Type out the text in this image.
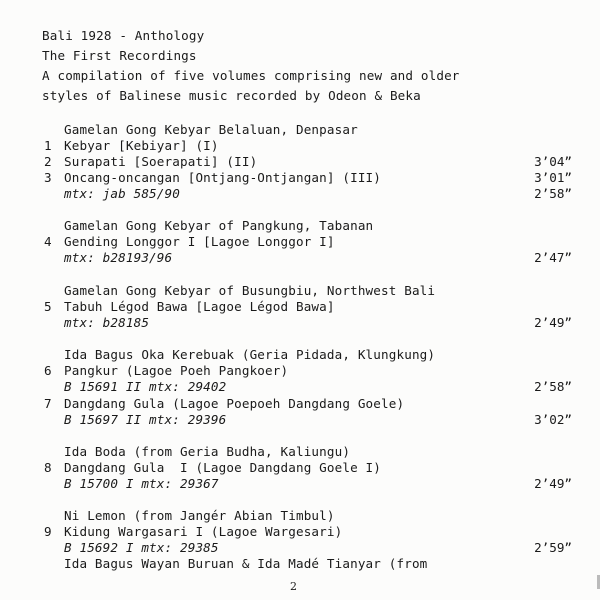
Bali 1928 - Anthology
The First Recordings
A compilation of five volumes comprising new and older
styles of Balinese music recorded by Odeon & Beka
Gamelan Gong Kebyar Belaluan, Denpasar
1 Kebyar [Kebiyar] (I)
2 Surapati [Soerapati] (II)	3’04”
3 Oncang-oncangan [Ontjang-Ontjangan] (III)	3’01”
mtx: jab 585/90	2’58”
Gamelan Gong Kebyar of Pangkung, Tabanan
4 Gending Longgor I [Lagoe Longgor I]
mtx: b28193/96	2’47”
Gamelan Gong Kebyar of Busungbiu, Northwest Bali
5 Tabuh Légod Bawa [Lagoe Légod Bawa]
mtx: b28185	2’49”
Ida Bagus Oka Kerebuak (Geria Pidada, Klungkung)
6 Pangkur (Lagoe Poeh Pangkoer)
B 15691 II mtx: 29402	2’58”
7 Dangdang Gula (Lagoe Poepoeh Dangdang Goele)
B 15697 II mtx: 29396	3’02”
Ida Boda (from Geria Budha, Kaliungu)
8 Dangdang Gula  I (Lagoe Dangdang Goele I)
B 15700 I mtx: 29367	2’49”
Ni Lemon (from Jangér Abian Timbul)
9 Kidung Wargasari I (Lagoe Wargesari)
B 15692 I mtx: 29385	2’59”
Ida Bagus Wayan Buruan & Ida Madé Tianyar (from
2
